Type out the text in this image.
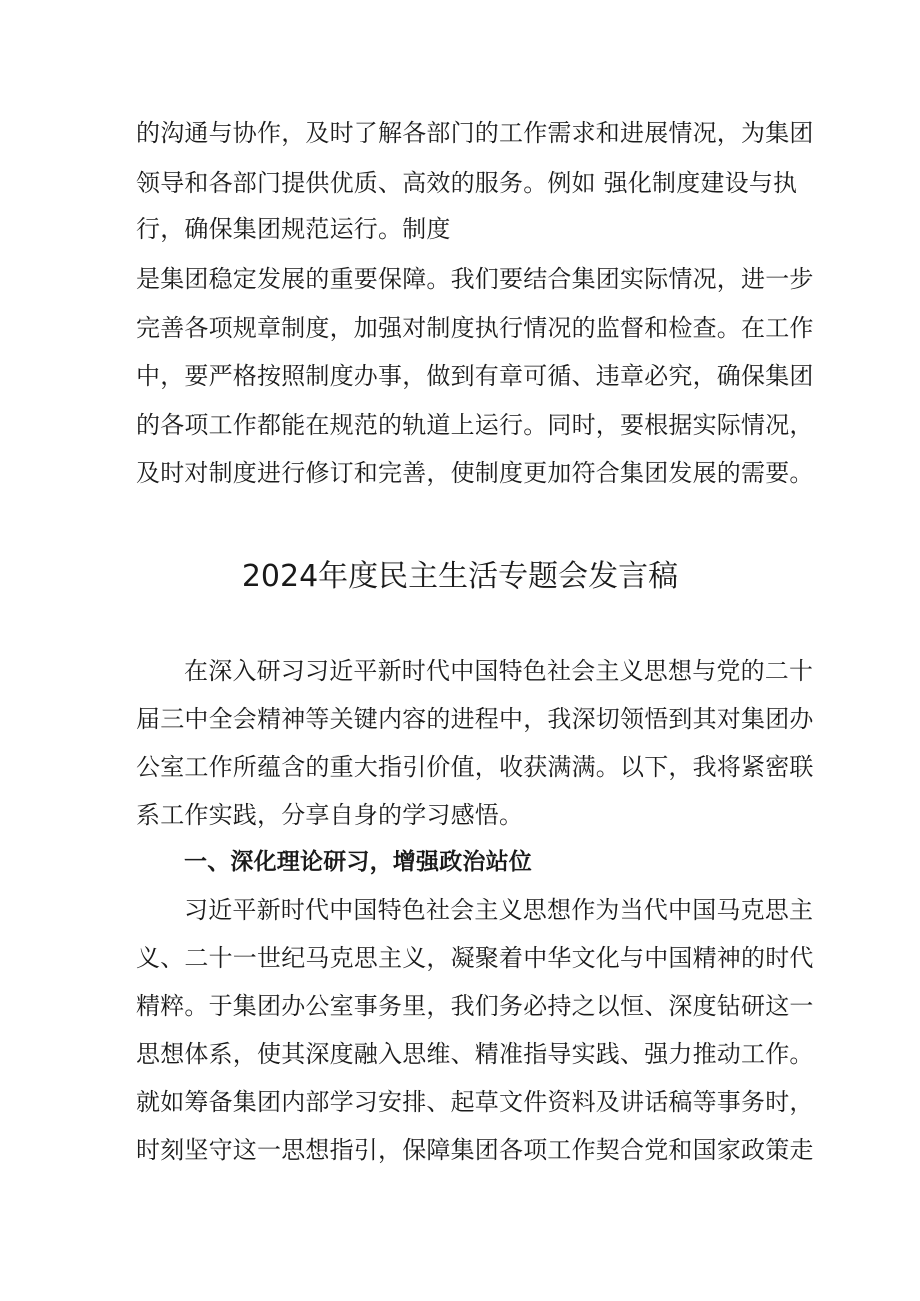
的沟通与协作，及时了解各部门的工作需求和进展情况，为集团
领导和各部门提供优质、高效的服务。例如 强化制度建设与执
行，确保集团规范运行。制度
是集团稳定发展的重要保障。我们要结合集团实际情况，进一步
完善各项规章制度，加强对制度执行情况的监督和检查。在工作
中，要严格按照制度办事，做到有章可循、违章必究，确保集团
的各项工作都能在规范的轨道上运行。同时，要根据实际情况，
及时对制度进行修订和完善，使制度更加符合集团发展的需要。
2024年度民主生活专题会发言稿
在深入研习习近平新时代中国特色社会主义思想与党的二十
届三中全会精神等关键内容的进程中，我深切领悟到其对集团办
公室工作所蕴含的重大指引价值，收获满满。以下，我将紧密联
系工作实践，分享自身的学习感悟。
一、深化理论研习，增强政治站位
习近平新时代中国特色社会主义思想作为当代中国马克思主
义、二十一世纪马克思主义，凝聚着中华文化与中国精神的时代
精粹。于集团办公室事务里，我们务必持之以恒、深度钻研这一
思想体系，使其深度融入思维、精准指导实践、强力推动工作。
就如筹备集团内部学习安排、起草文件资料及讲话稿等事务时，
时刻坚守这一思想指引，保障集团各项工作契合党和国家政策走
